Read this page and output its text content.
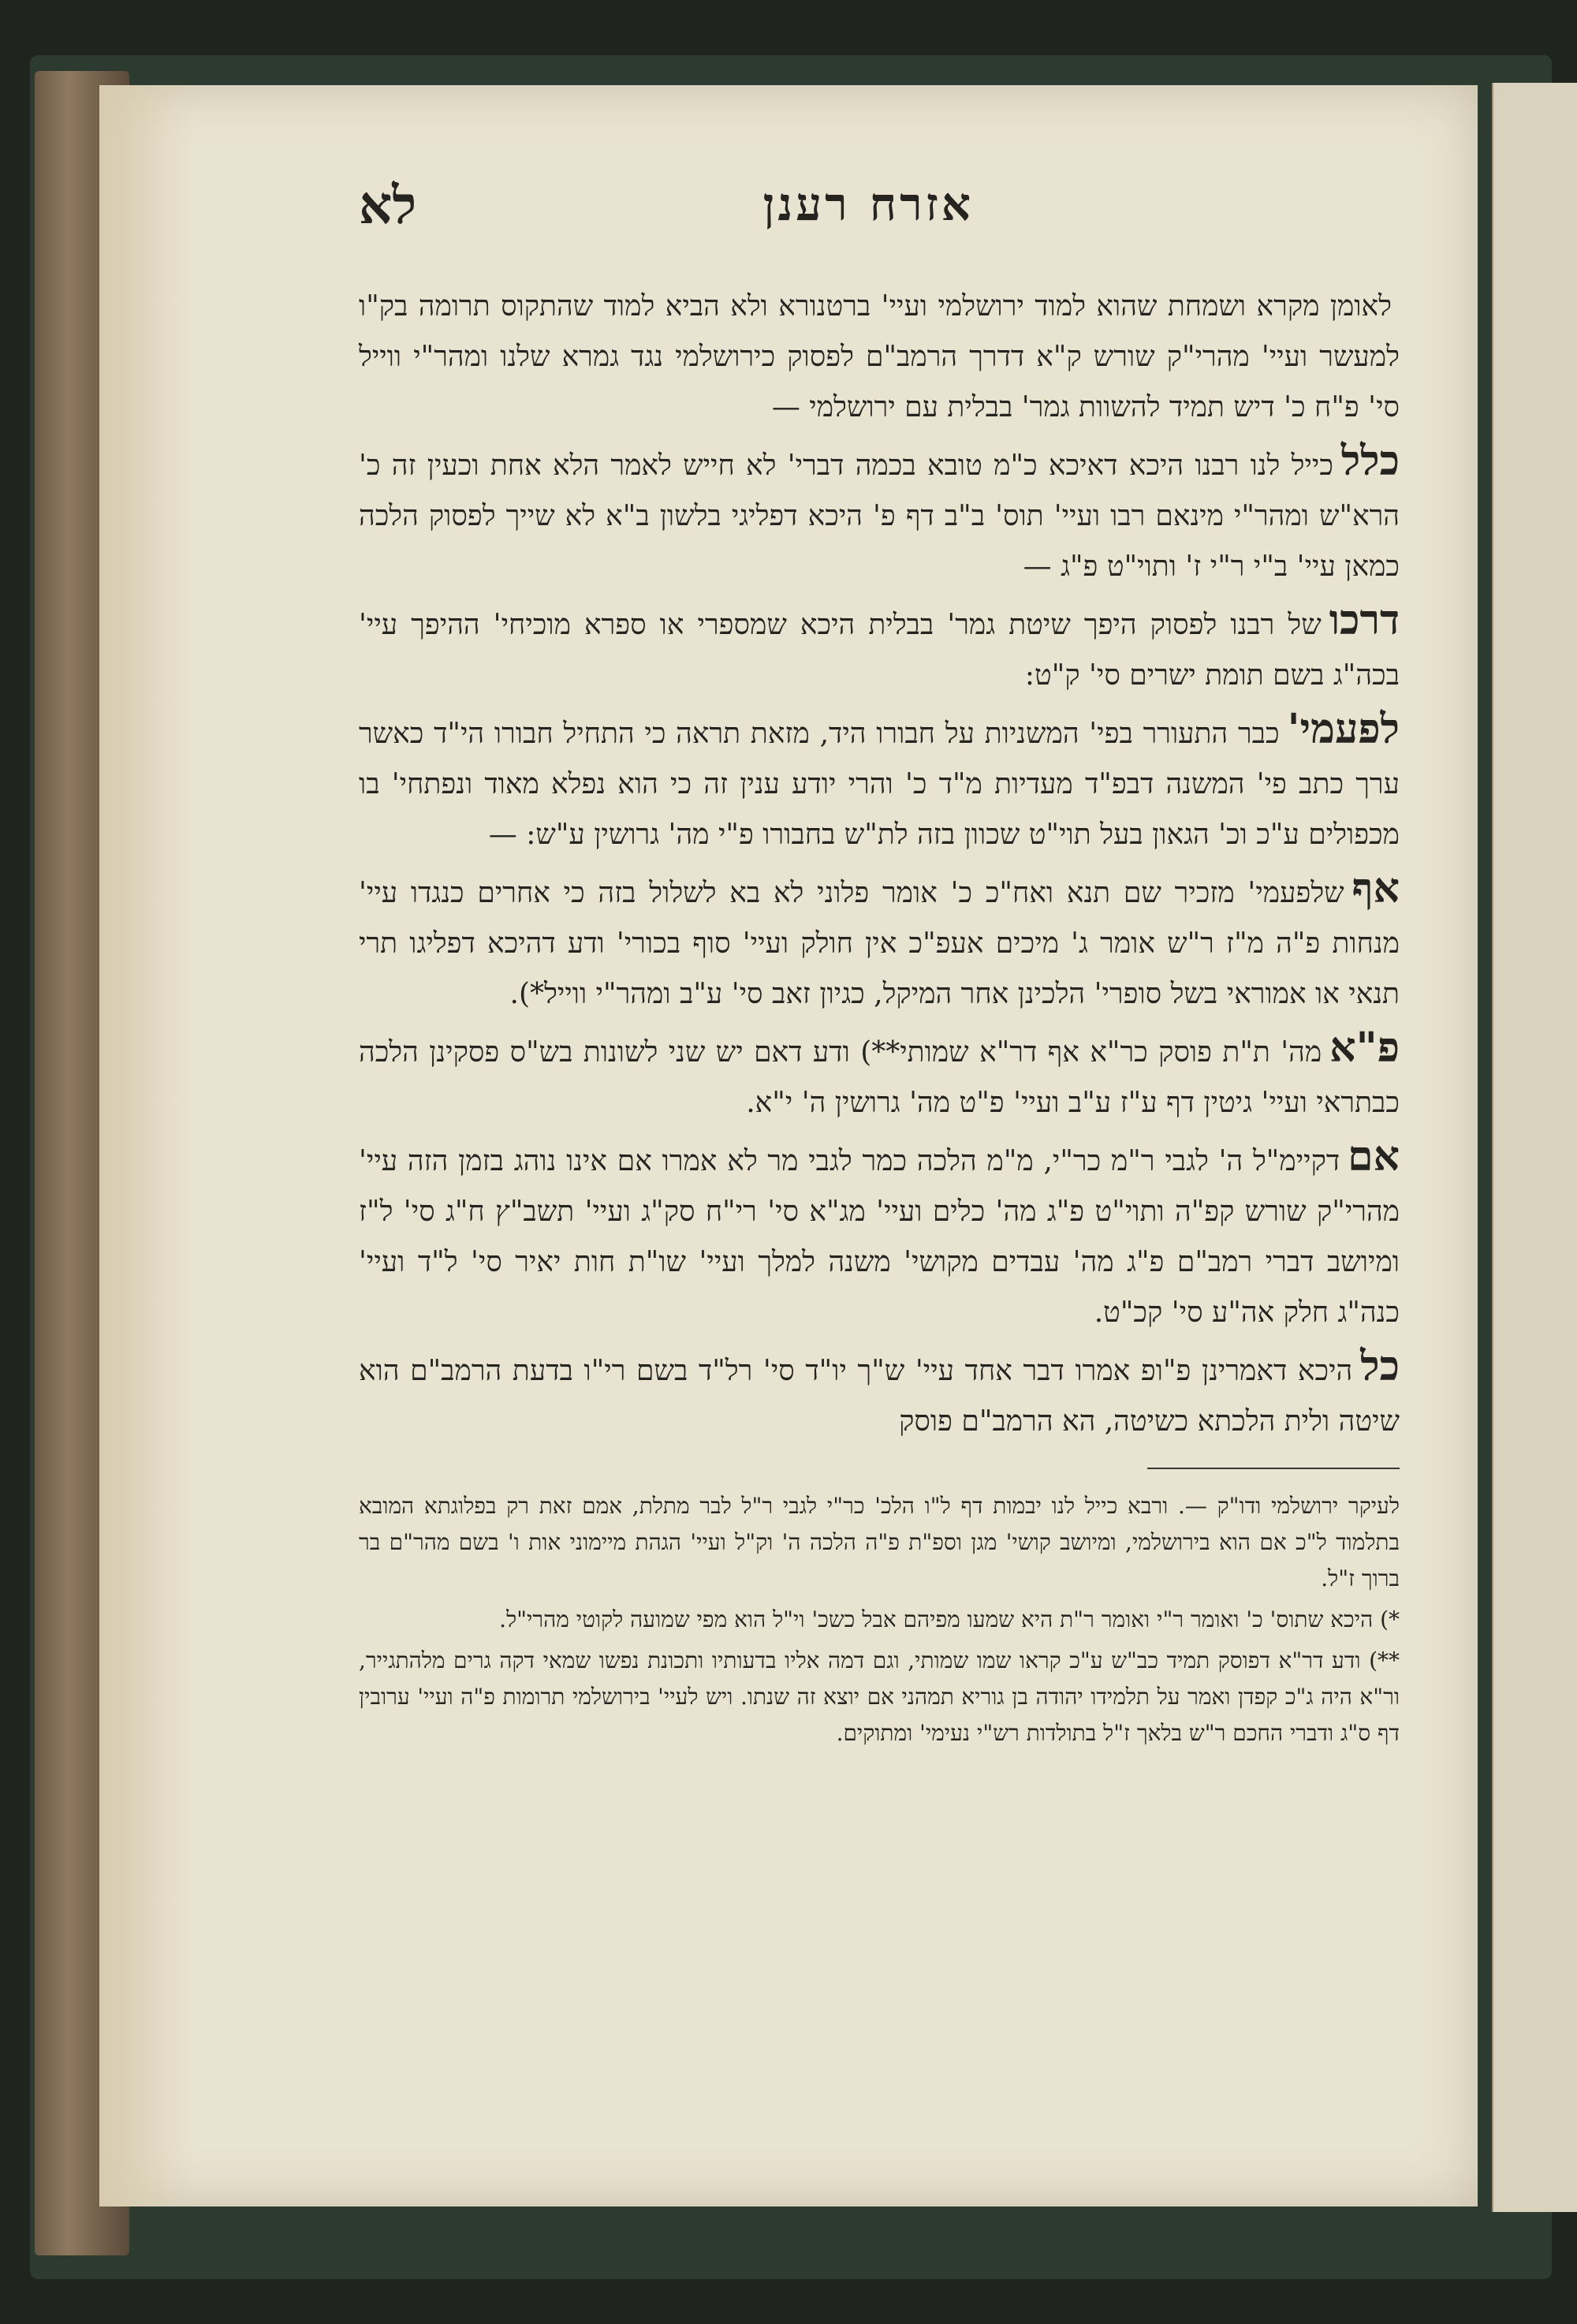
אזרח רענן
לא

לאומן מקרא ושמחת שהוא למוד ירושלמי ועיי' ברטנורא ולא הביא למוד שהתקוס תרומה בק"ו למעשר ועיי' מהרי"ק שורש ק"א דדרך הרמב"ם לפסוק כירושלמי נגד גמרא שלנו ומהר"י ווייל סי' פ"ח כ' דיש תמיד להשוות גמר' בבלית עם ירושלמי —

כללכייל לנו רבנו היכא דאיכא כ"מ טובא בכמה דברי' לא חייש לאמר הלא אחת וכעין זה כ' הרא"ש ומהר"י מינאם רבו ועיי' תוס' ב"ב דף פ' היכא דפליגי בלשון ב"א לא שייך לפסוק הלכה כמאן עיי' ב"י ר"י ז' ותוי"ט פ"ג —

דרכושל רבנו לפסוק היפך שיטת גמר' בבלית היכא שמספרי או ספרא מוכיחי' ההיפך עיי' בכה"ג בשם תומת ישרים סי' ק"ט:

לפעמי'כבר התעורר בפי' המשניות על חבורו היד, מזאת תראה כי התחיל חבורו הי"ד כאשר ערך כתב פי' המשנה דבפ"ד מעדיות מ"ד כ' והרי יודע ענין זה כי הוא נפלא מאוד ונפתחי' בו מכפולים ע"כ וכ' הגאון בעל תוי"ט שכוון בזה לת"ש בחבורו פ"י מה' גרושין ע"ש: —

אףשלפעמי' מזכיר שם תנא ואח"כ כ' אומר פלוני לא בא לשלול בזה כי אחרים כנגדו עיי' מנחות פ"ה מ"ז ר"ש אומר ג' מיכים אעפ"כ אין חולק ועיי' סוף בכורי' ודע דהיכא דפליגו תרי תנאי או אמוראי בשל סופרי' הלכינן אחר המיקל, כגיון זאב סי' ע"ב ומהר"י ווייל*).

פ"אמה' ת"ת פוסק כר"א אף דר"א שמותי**) ודע דאם יש שני לשונות בש"ס פסקינן הלכה כבתראי ועיי' גיטין דף ע"ז ע"ב ועיי' פ"ט מה' גרושין ה' י"א.

אםדקיימ"ל ה' לגבי ר"מ כר"י, מ"מ הלכה כמר לגבי מר לא אמרו אם אינו נוהג בזמן הזה עיי' מהרי"ק שורש קפ"ה ותוי"ט פ"ג מה' כלים ועיי' מג"א סי' רי"ח סק"ג ועיי' תשב"ץ ח"ג סי' ל"ז ומיושב דברי רמב"ם פ"ג מה' עבדים מקושי' משנה למלך ועיי' שו"ת חות יאיר סי' ל"ד ועיי' כנה"ג חלק אה"ע סי' קכ"ט.

כלהיכא דאמרינן פ"ופ אמרו דבר אחד עיי' ש"ך יו"ד סי' רל"ד בשם רי"ו בדעת הרמב"ם הוא שיטה ולית הלכתא כשיטה, הא הרמב"ם פוסק

לעיקר ירושלמי ודו"ק —. ורבא כייל לנו יבמות דף ל"ו הלכ' כר"י לגבי ר"ל לבר מתלת, אמם זאת רק בפלוגתא המובא בתלמוד ל"כ אם הוא בירושלמי, ומיושב קושי' מגן וספ"ת פ"ה הלכה ה' וק"ל ועיי' הגהת מיימוני אות ו' בשם מהר"ם בר ברוך ז"ל.

*) היכא שתוס' כ' ואומר ר"י ואומר ר"ת היא שמעו מפיהם אבל כשכ' וי"ל הוא מפי שמועה לקוטי מהרי"ל.

**) ודע דר"א דפוסק תמיד כב"ש ע"כ קראו שמו שמותי, וגם דמה אליו בדעותיו ותכונת נפשו שמאי דקה גרים מלהתגייר, ור"א היה ג"כ קפדן ואמר על תלמידו יהודה בן גוריא תמהני אם יוצא זה שנתו. ויש לעיי' בירושלמי תרומות פ"ה ועיי' ערובין דף ס"ג ודברי החכם ר"ש בלאך ז"ל בתולדות רש"י נעימי' ומתוקים.
